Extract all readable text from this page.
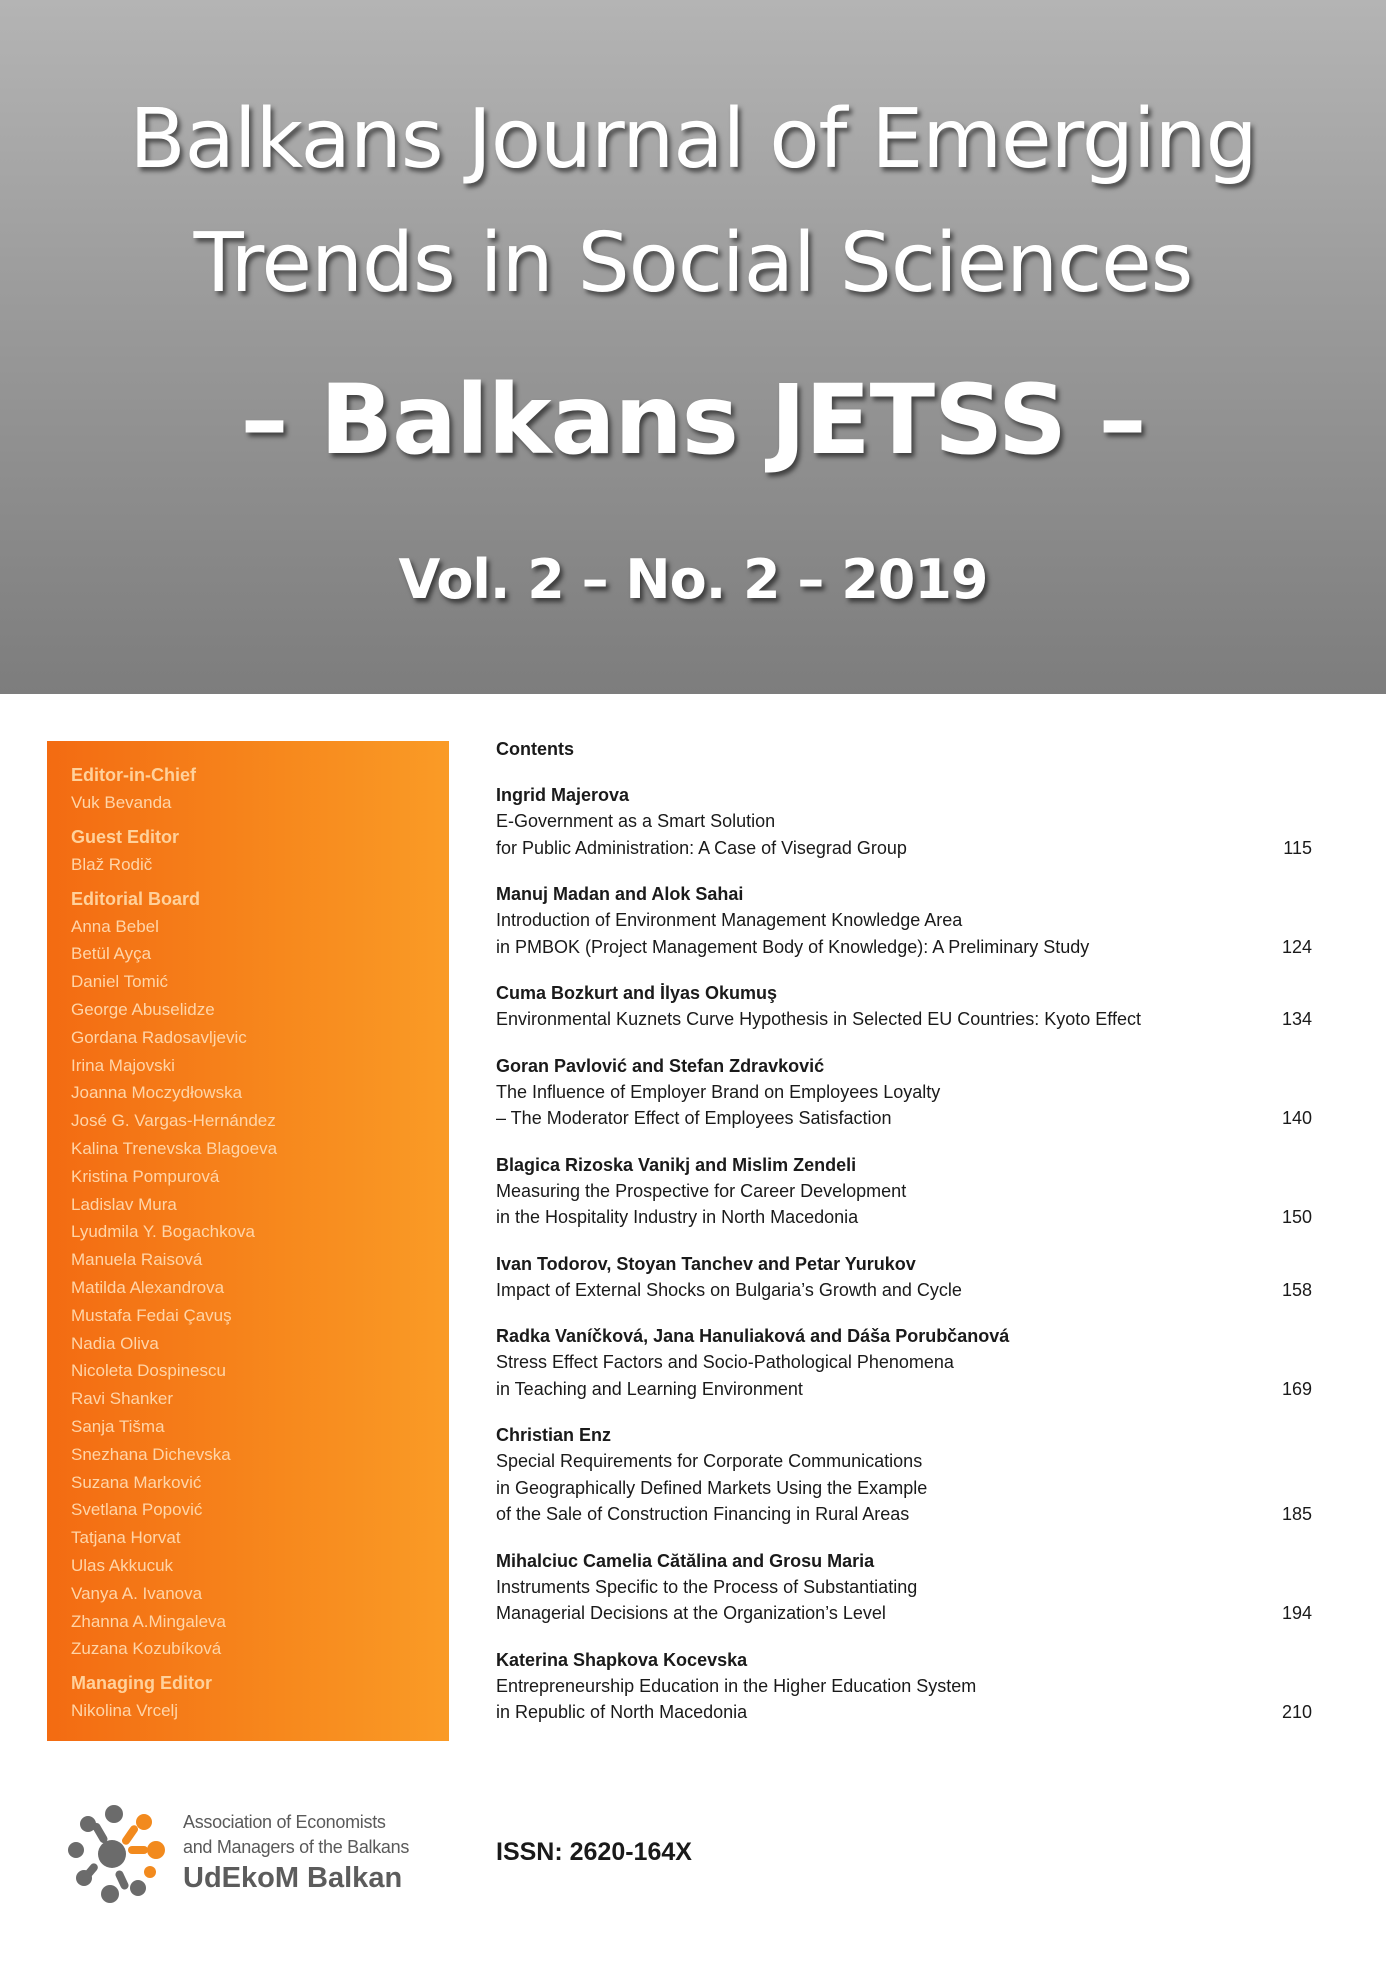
Balkans Journal of Emerging
Trends in Social Sciences
– Balkans JETSS –
Vol. 2 – No. 2 – 2019
Editor-in-Chief
Vuk Bevanda
Guest Editor
Blaž Rodič
Editorial Board
Anna Bebel
Betül Ayça
Daniel Tomić
George Abuselidze
Gordana Radosavljevic
Irina Majovski
Joanna Moczydłowska
José G. Vargas-Hernández
Kalina Trenevska Blagoeva
Kristina Pompurová
Ladislav Mura
Lyudmila Y. Bogachkova
Manuela Raisová
Matilda Alexandrova
Mustafa Fedai Çavuş
Nadia Oliva
Nicoleta Dospinescu
Ravi Shanker
Sanja Tišma
Snezhana Dichevska
Suzana Marković
Svetlana Popović
Tatjana Horvat
Ulas Akkucuk
Vanya A. Ivanova
Zhanna A.Mingaleva
Zuzana Kozubíková
Managing Editor
Nikolina Vrcelj
Contents
Ingrid Majerova
E-Government as a Smart Solution
for Public Administration: A Case of Visegrad Group	115
Manuj Madan and Alok Sahai
Introduction of Environment Management Knowledge Area
in PMBOK (Project Management Body of Knowledge): A Preliminary Study	124
Cuma Bozkurt and İlyas Okumuş
Environmental Kuznets Curve Hypothesis in Selected EU Countries: Kyoto Effect	134
Goran Pavlović and Stefan Zdravković
The Influence of Employer Brand on Employees Loyalty
– The Moderator Effect of Employees Satisfaction	140
Blagica Rizoska Vanikj and Mislim Zendeli
Measuring the Prospective for Career Development
in the Hospitality Industry in North Macedonia	150
Ivan Todorov, Stoyan Tanchev and Petar Yurukov
Impact of External Shocks on Bulgaria’s Growth and Cycle	158
Radka Vaníčková, Jana Hanuliaková and Dáša Porubčanová
Stress Effect Factors and Socio-Pathological Phenomena
in Teaching and Learning Environment	169
Christian Enz
Special Requirements for Corporate Communications
in Geographically Defined Markets Using the Example
of the Sale of Construction Financing in Rural Areas	185
Mihalciuc Camelia Cătălina and Grosu Maria
Instruments Specific to the Process of Substantiating
Managerial Decisions at the Organization’s Level	194
Katerina Shapkova Kocevska
Entrepreneurship Education in the Higher Education System
in Republic of North Macedonia	210
Association of Economists
and Managers of the Balkans
UdEkoM Balkan
ISSN: 2620-164X
